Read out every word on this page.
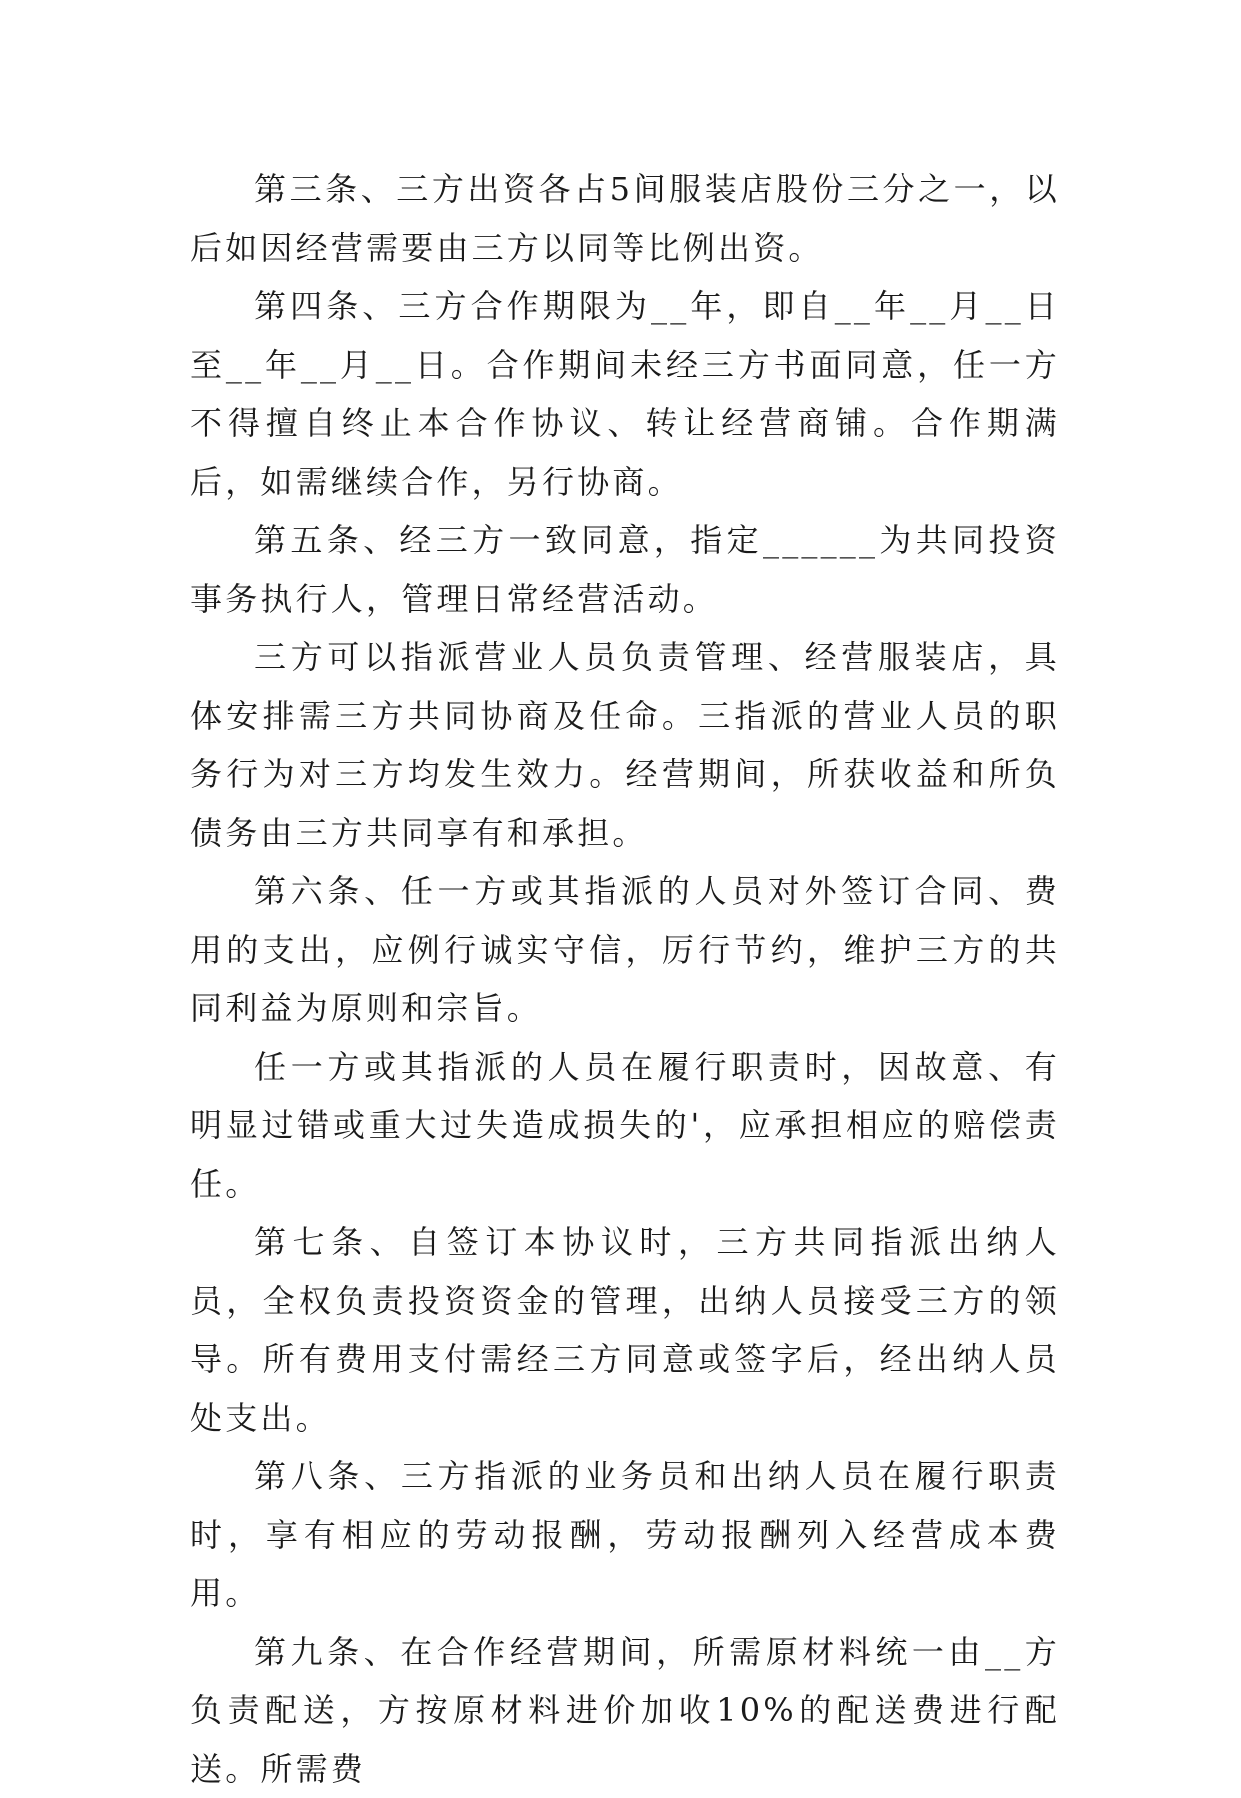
第三条、三方出资各占5间服装店股份三分之一，以后如因经营需要由三方以同等比例出资。

第四条、三方合作期限为__年，即自__年__月__日至__年__月__日。合作期间未经三方书面同意，任一方不得擅自终止本合作协议、转让经营商铺。合作期满后，如需继续合作，另行协商。

第五条、经三方一致同意，指定______为共同投资事务执行人，管理日常经营活动。

三方可以指派营业人员负责管理、经营服装店，具体安排需三方共同协商及任命。三指派的营业人员的职务行为对三方均发生效力。经营期间，所获收益和所负债务由三方共同享有和承担。

第六条、任一方或其指派的人员对外签订合同、费用的支出，应例行诚实守信，厉行节约，维护三方的共同利益为原则和宗旨。

任一方或其指派的人员在履行职责时，因故意、有明显过错或重大过失造成损失的'，应承担相应的赔偿责任。

第七条、自签订本协议时，三方共同指派出纳人员，全权负责投资资金的管理，出纳人员接受三方的领导。所有费用支付需经三方同意或签字后，经出纳人员处支出。

第八条、三方指派的业务员和出纳人员在履行职责时，享有相应的劳动报酬，劳动报酬列入经营成本费用。

第九条、在合作经营期间，所需原材料统一由__方负责配送，方按原材料进价加收10%的配送费进行配送。所需费
